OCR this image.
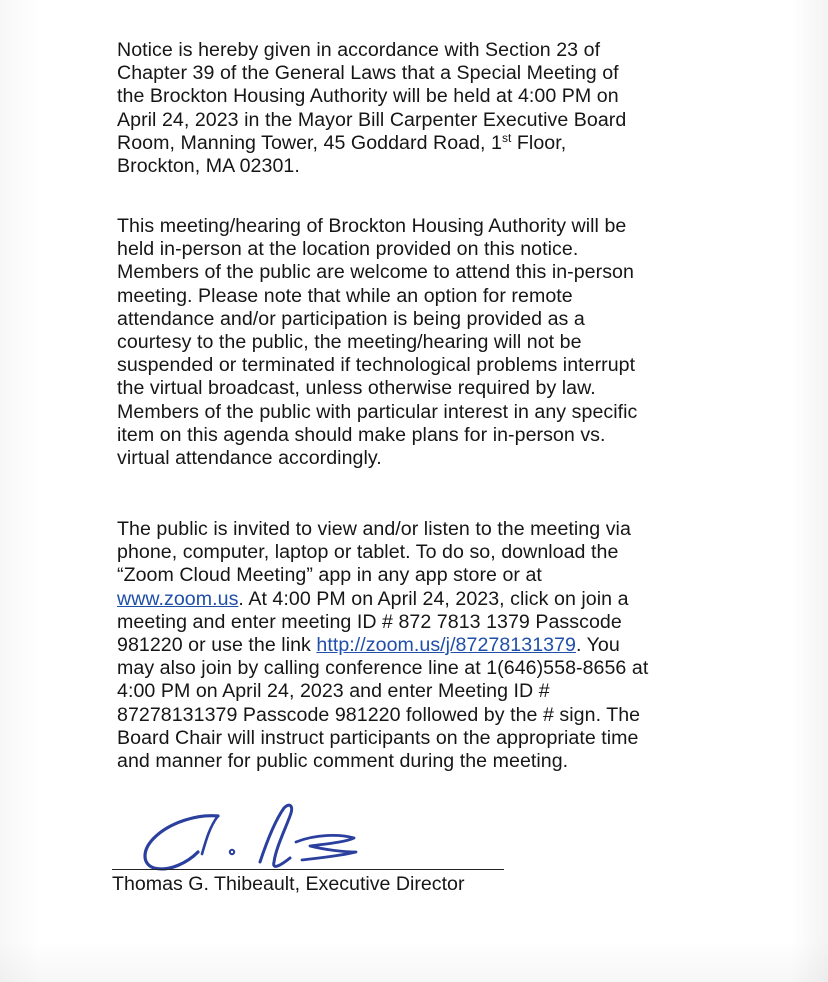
Notice is hereby given in accordance with Section 23 of
Chapter 39 of the General Laws that a Special Meeting of
the Brockton Housing Authority will be held at 4:00 PM on
April 24, 2023 in the Mayor Bill Carpenter Executive Board
Room, Manning Tower, 45 Goddard Road, 1st Floor,
Brockton, MA 02301.
This meeting/hearing of Brockton Housing Authority will be
held in-person at the location provided on this notice.
Members of the public are welcome to attend this in-person
meeting. Please note that while an option for remote
attendance and/or participation is being provided as a
courtesy to the public, the meeting/hearing will not be
suspended or terminated if technological problems interrupt
the virtual broadcast, unless otherwise required by law.
Members of the public with particular interest in any specific
item on this agenda should make plans for in-person vs.
virtual attendance accordingly.
The public is invited to view and/or listen to the meeting via
phone, computer, laptop or tablet. To do so, download the
“Zoom Cloud Meeting” app in any app store or at
www.zoom.us. At 4:00 PM on April 24, 2023, click on join a
meeting and enter meeting ID # 872 7813 1379 Passcode
981220 or use the link http://zoom.us/j/87278131379. You
may also join by calling conference line at 1(646)558-8656 at
4:00 PM on April 24, 2023 and enter Meeting ID #
87278131379 Passcode 981220 followed by the # sign. The
Board Chair will instruct participants on the appropriate time
and manner for public comment during the meeting.
Thomas G. Thibeault, Executive Director
